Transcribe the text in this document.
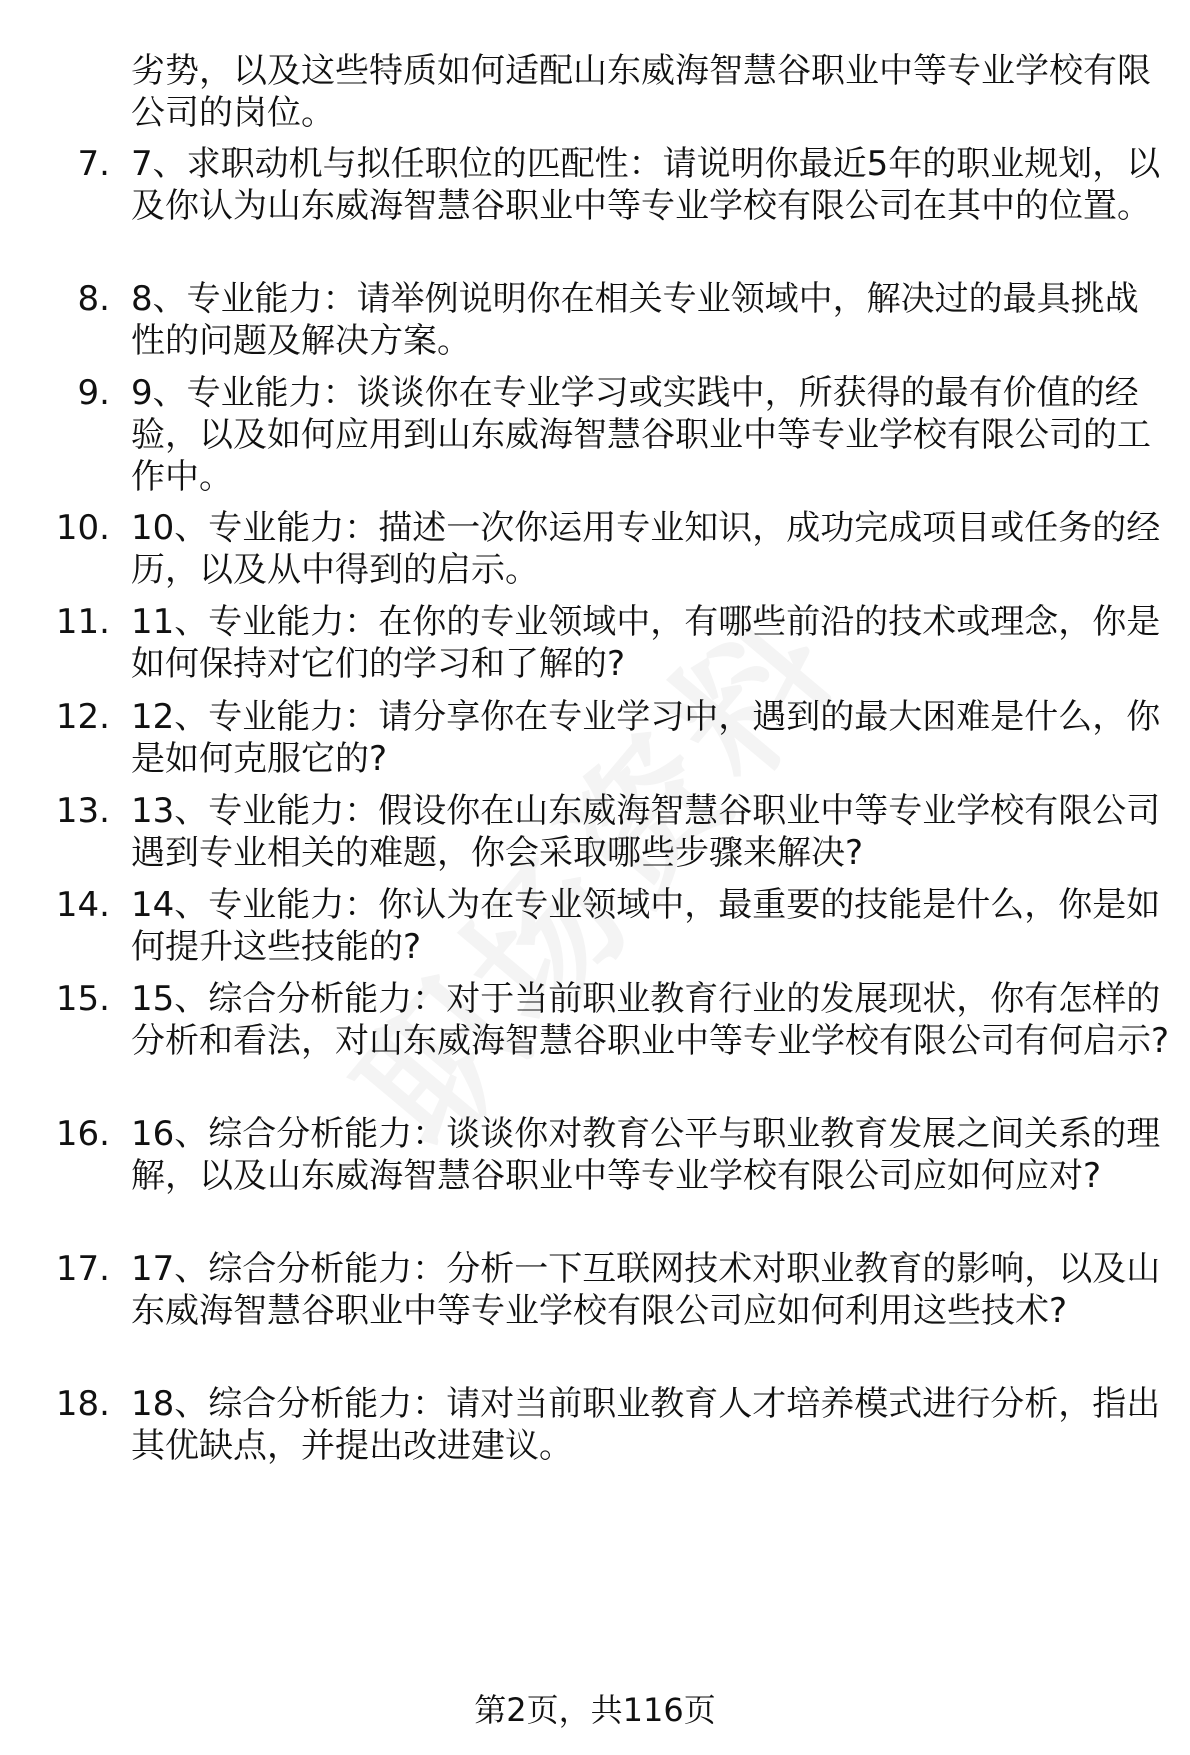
劣势，以及这些特质如何适配山东威海智慧谷职业中等专业学校有限公司的岗位。

7. 7、求职动机与拟任职位的匹配性：请说明你最近5年的职业规划，以及你认为山东威海智慧谷职业中等专业学校有限公司在其中的位置。
8. 8、专业能力：请举例说明你在相关专业领域中，解决过的最具挑战性的问题及解决方案。
9. 9、专业能力：谈谈你在专业学习或实践中，所获得的最有价值的经验，以及如何应用到山东威海智慧谷职业中等专业学校有限公司的工作中。
10. 10、专业能力：描述一次你运用专业知识，成功完成项目或任务的经历，以及从中得到的启示。
11. 11、专业能力：在你的专业领域中，有哪些前沿的技术或理念，你是如何保持对它们的学习和了解的?
12. 12、专业能力：请分享你在专业学习中，遇到的最大困难是什么，你是如何克服它的?
13. 13、专业能力：假设你在山东威海智慧谷职业中等专业学校有限公司遇到专业相关的难题，你会采取哪些步骤来解决?
14. 14、专业能力：你认为在专业领域中，最重要的技能是什么，你是如何提升这些技能的?
15. 15、综合分析能力：对于当前职业教育行业的发展现状，你有怎样的分析和看法，对山东威海智慧谷职业中等专业学校有限公司有何启示?
16. 16、综合分析能力：谈谈你对教育公平与职业教育发展之间关系的理解，以及山东威海智慧谷职业中等专业学校有限公司应如何应对?
17. 17、综合分析能力：分析一下互联网技术对职业教育的影响，以及山东威海智慧谷职业中等专业学校有限公司应如何利用这些技术?
18. 18、综合分析能力：请对当前职业教育人才培养模式进行分析，指出其优缺点，并提出改进建议。
第2页，共116页
